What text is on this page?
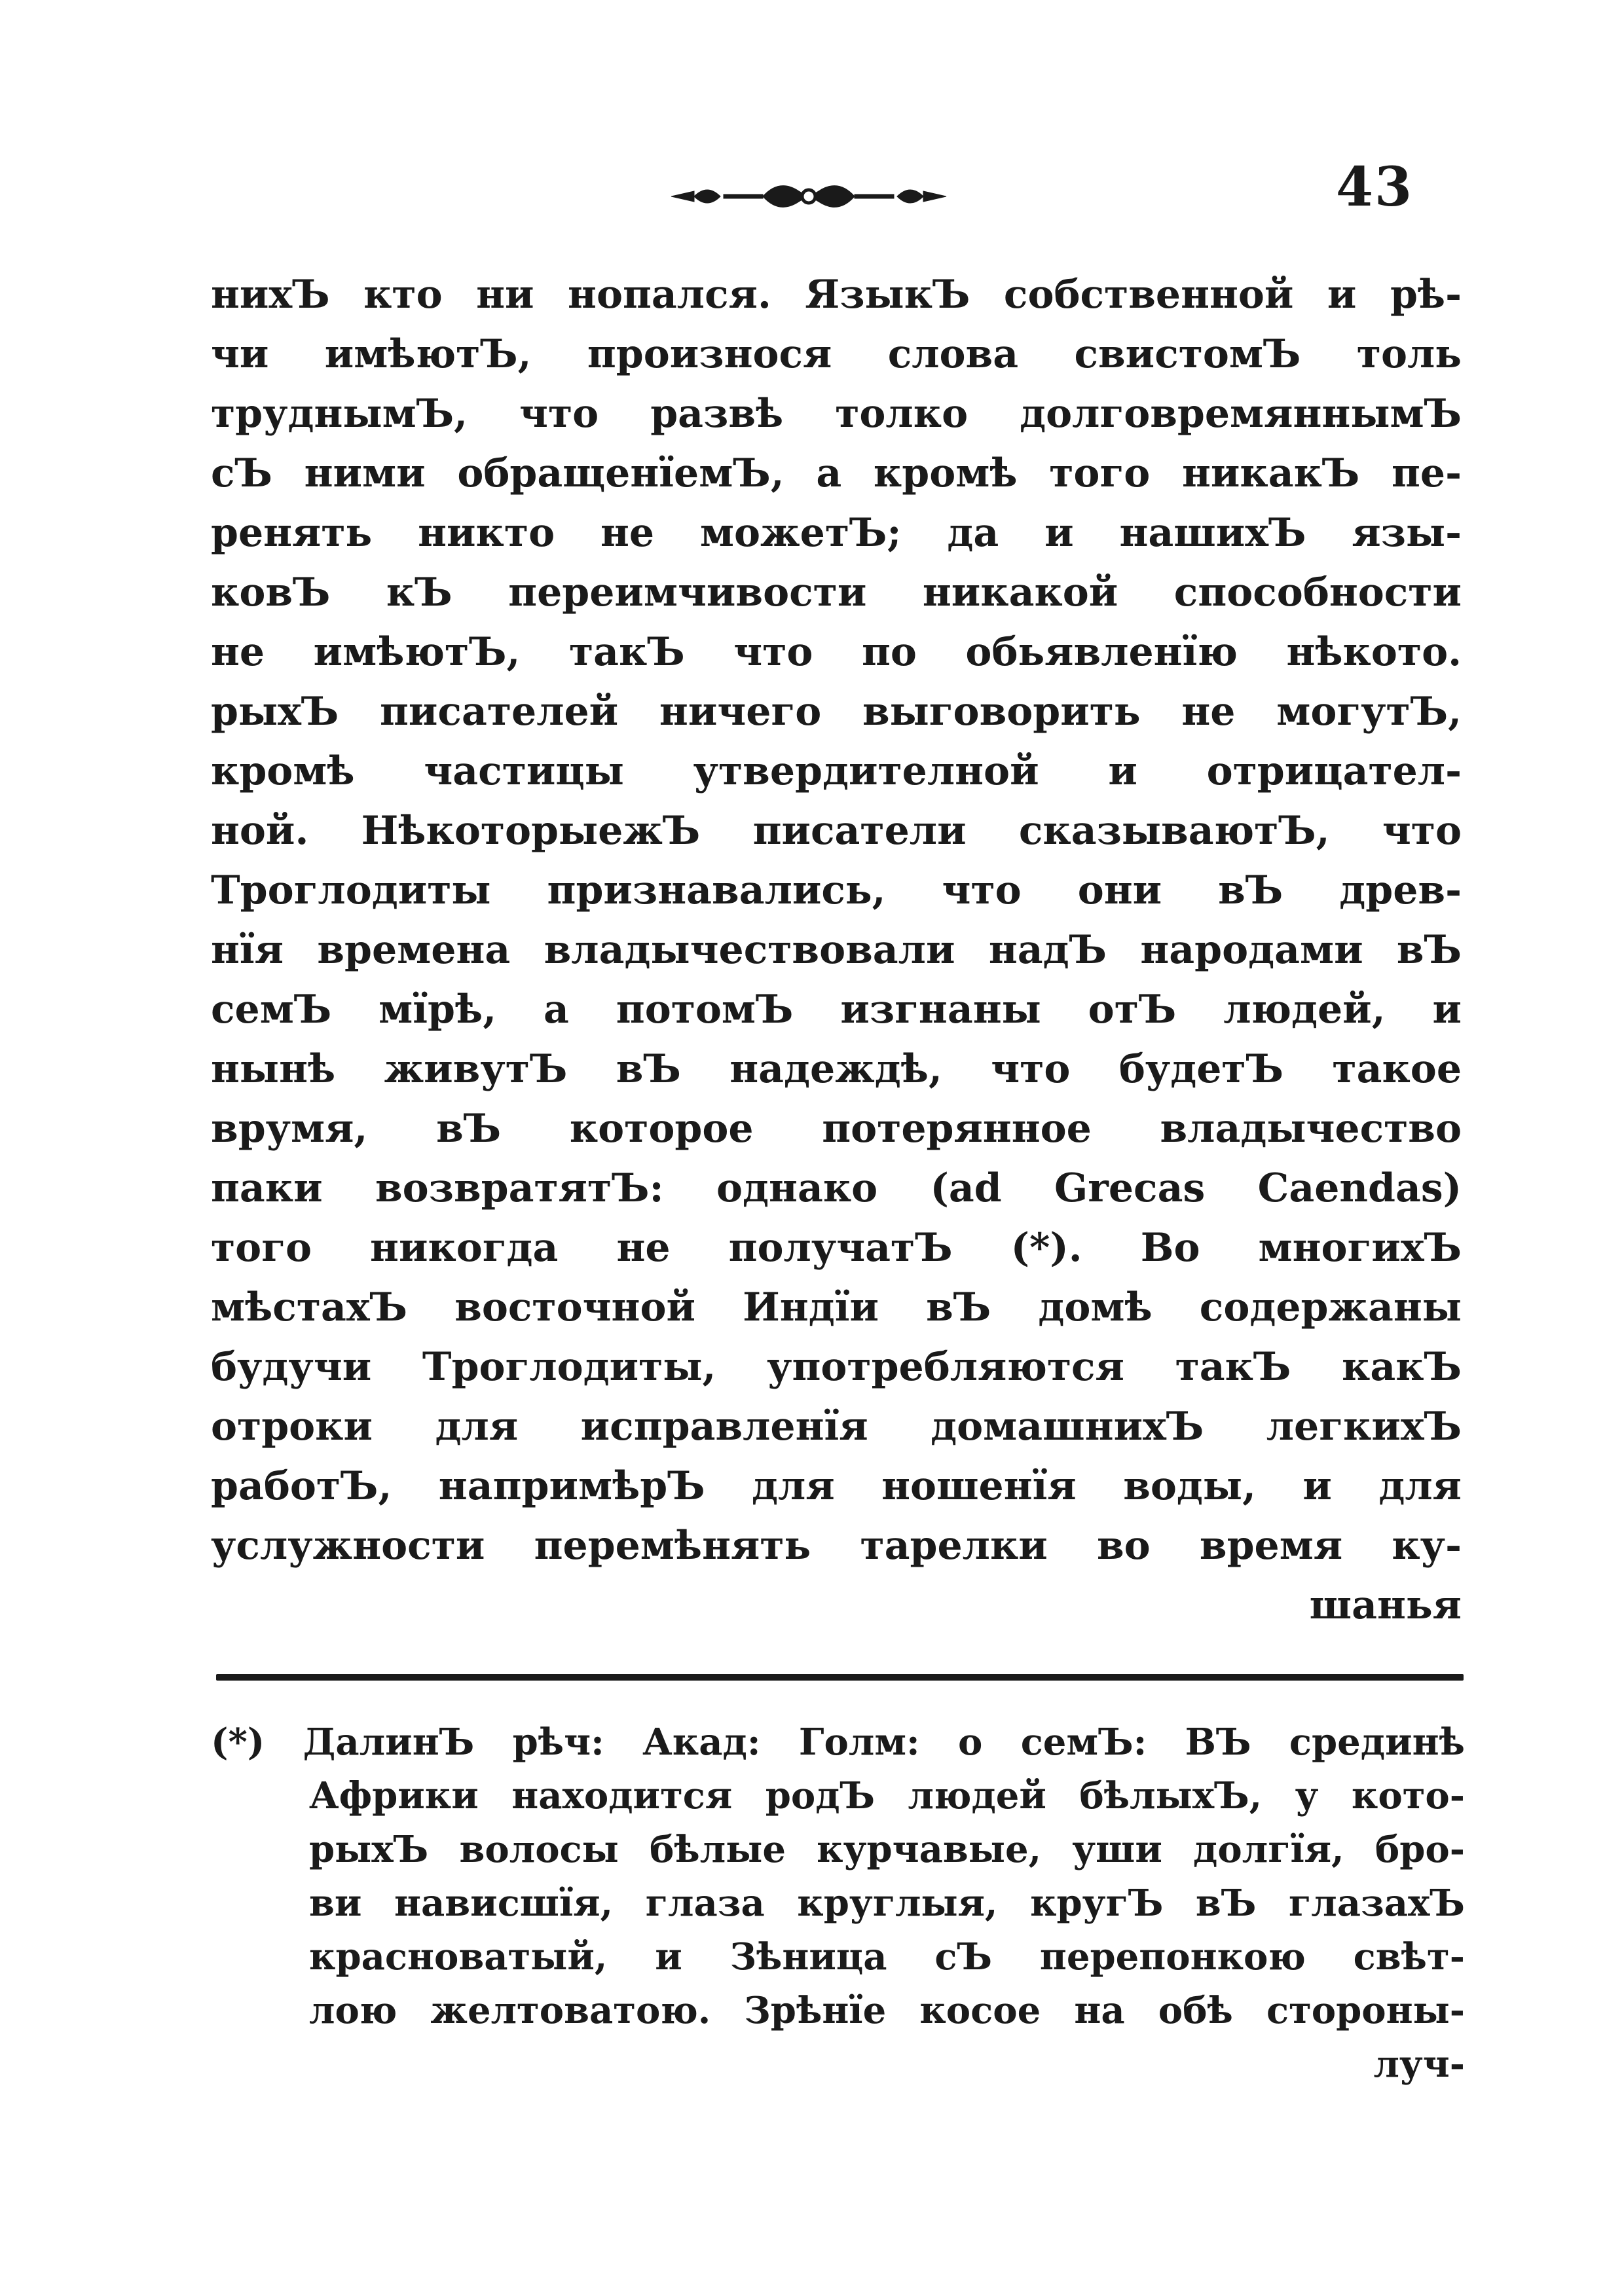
43
нихЪ кто ни нопался. ЯзыкЪ собственной и рѣ-
чи имѣютЪ, произнося слова свистомЪ толь
труднымЪ, что развѣ толко долговремяннымЪ
сЪ ними обращенїемЪ, а кромѣ того никакЪ пе-
ренять никто не можетЪ; да и нашихЪ язы-
ковЪ кЪ переимчивости никакой способности
не имѣютЪ, такЪ что по обьявленїю нѣкото.
рыхЪ писателей ничего выговорить не могутЪ,
кромѣ частицы утвердителной и отрицател-
ной. НѣкоторыежЪ писатели сказываютЪ, что
Троглодиты признавались, что они вЪ древ-
нїя времена владычествовали надЪ народами вЪ
семЪ мїрѣ, а потомЪ изгнаны отЪ людей, и
нынѣ живутЪ вЪ надеждѣ, что будетЪ такое
врумя, вЪ которое потерянное владычество
паки возвратятЪ: однако (ad Grecas Caendas)
того никогда не получатЪ (*). Во многихЪ
мѣстахЪ восточной Индїи вЪ домѣ содержаны
будучи Троглодиты, употребляются такЪ какЪ
отроки для исправленїя домашнихЪ легкихЪ
работЪ, напримѣрЪ для ношенїя воды, и для
услужности перемѣнять тарелки во время ку-
шанья
(*) ДалинЪ рѣч: Акад: Голм: о семЪ: ВЪ срединѣ
Африки находится родЪ людей бѣлыхЪ, у кото-
рыхЪ волосы бѣлые курчавые, уши долгїя, бро-
ви нависшїя, глаза круглыя, кругЪ вЪ глазахЪ
красноватый, и Зѣница сЪ перепонкою свѣт-
лою желтоватою. Зрѣнїе косое на обѣ стороны-
луч-
